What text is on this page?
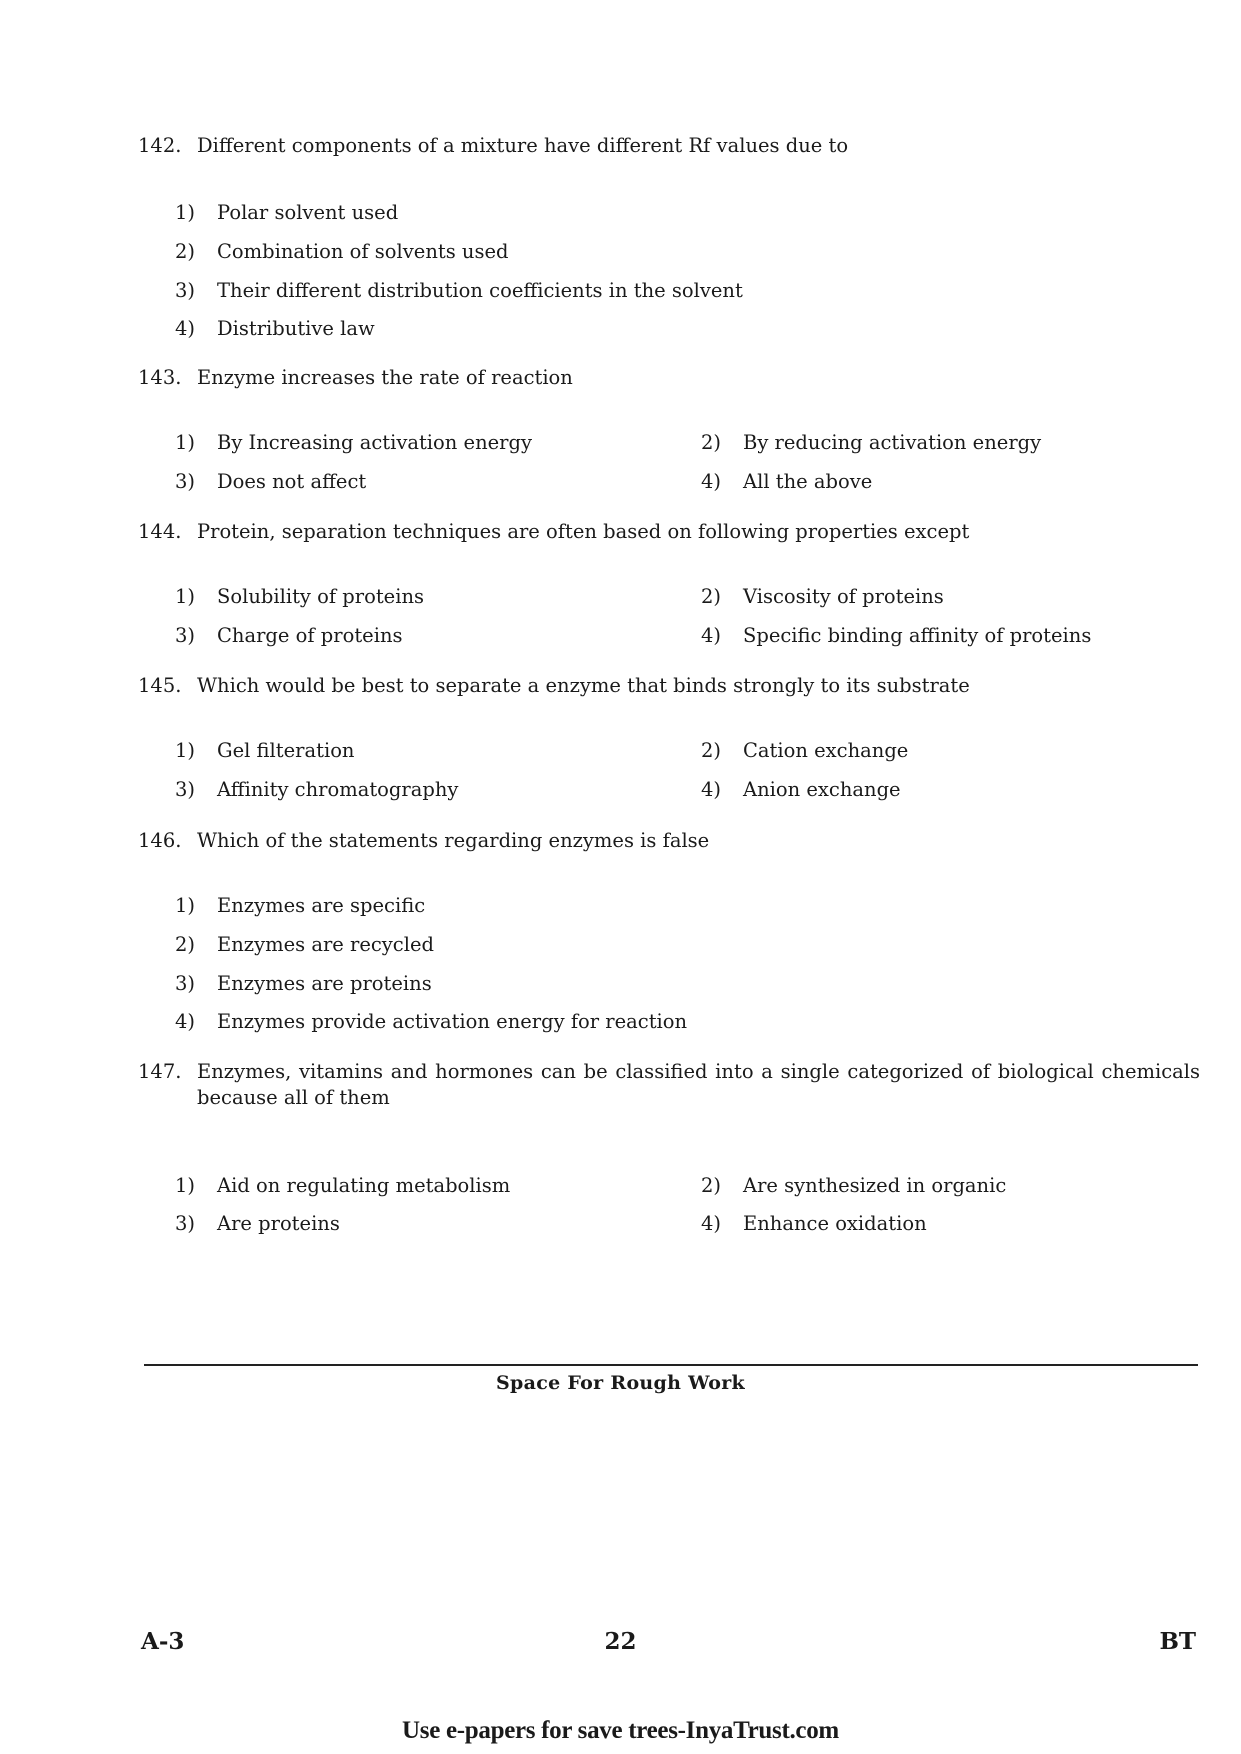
142. Different components of a mixture have different Rf values due to
1)	Polar solvent used
2)	Combination of solvents used
3)	Their different distribution coefficients in the solvent
4)	Distributive law
143. Enzyme increases the rate of reaction
1)	By Increasing activation energy	2)	By reducing activation energy
3)	Does not affect	4)	All the above
144. Protein, separation techniques are often based on following properties except
1)	Solubility of proteins	2)	Viscosity of proteins
3)	Charge of proteins	4)	Specific binding affinity of proteins
145. Which would be best to separate a enzyme that binds strongly to its substrate
1)	Gel filteration	2)	Cation exchange
3)	Affinity chromatography	4)	Anion exchange
146. Which of the statements regarding enzymes is false
1)	Enzymes are specific
2)	Enzymes are recycled
3)	Enzymes are proteins
4)	Enzymes provide activation energy for reaction
147. Enzymes, vitamins and hormones can be classified into a single categorized of biological chemicals because all of them
1)	Aid on regulating metabolism	2)	Are synthesized in organic
3)	Are proteins	4)	Enhance oxidation
Space For Rough Work
A-3	22	BT
Use e-papers for save trees-InyaTrust.com
